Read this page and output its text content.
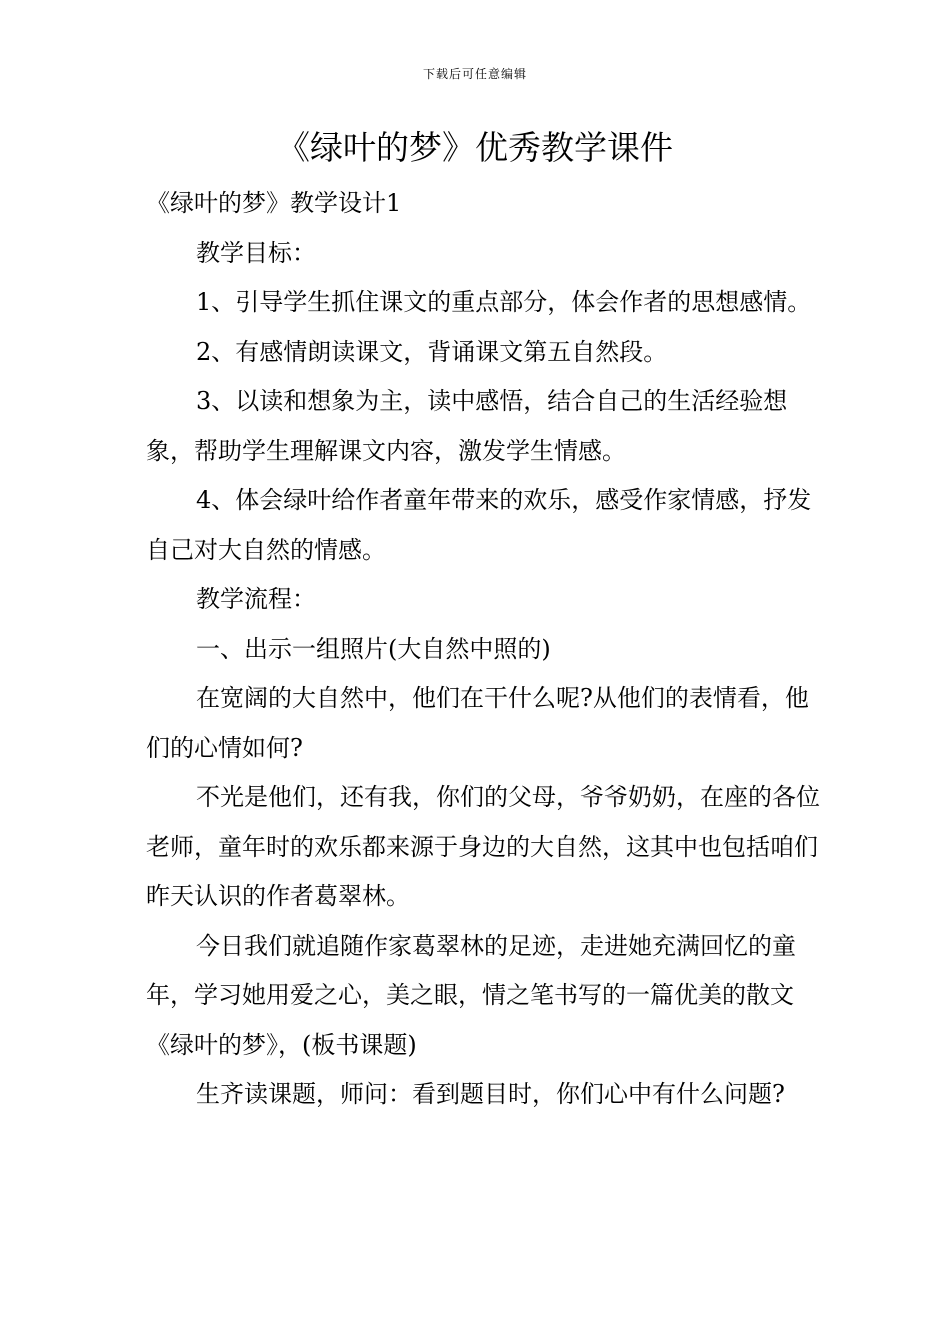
下载后可任意编辑
《绿叶的梦》优秀教学课件

《绿叶的梦》教学设计1

教学目标：

1、引导学生抓住课文的重点部分，体会作者的思想感情。

2、有感情朗读课文，背诵课文第五自然段。

3、以读和想象为主，读中感悟，结合自己的生活经验想象，帮助学生理解课文内容，激发学生情感。

4、体会绿叶给作者童年带来的欢乐，感受作家情感，抒发自己对大自然的情感。

教学流程：

一、出示一组照片(大自然中照的)

在宽阔的大自然中，他们在干什么呢?从他们的表情看，他们的心情如何?

不光是他们，还有我，你们的父母，爷爷奶奶，在座的各位老师，童年时的欢乐都来源于身边的大自然，这其中也包括咱们昨天认识的作者葛翠林。

今日我们就追随作家葛翠林的足迹，走进她充满回忆的童年，学习她用爱之心，美之眼，情之笔书写的一篇优美的散文《绿叶的梦》，(板书课题)

生齐读课题，师问：看到题目时，你们心中有什么问题?
